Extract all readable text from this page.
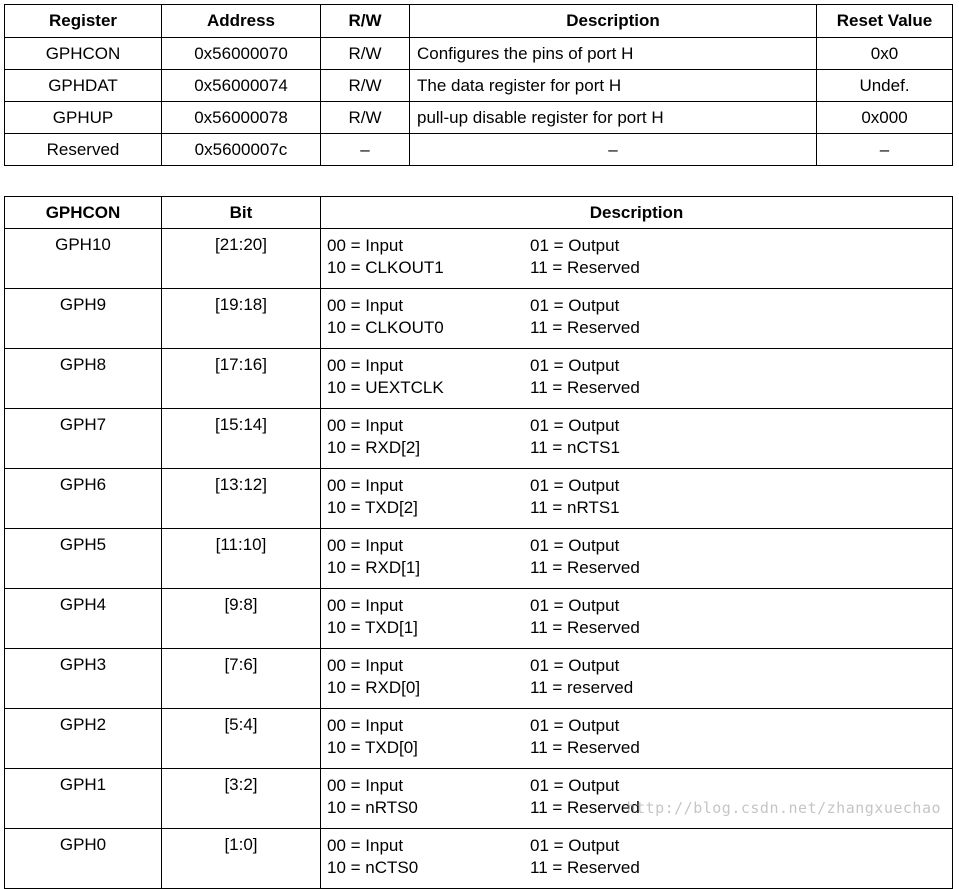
Register	Address	R/W	Description	Reset Value
GPHCON	0x56000070	R/W	Configures the pins of port H	0x0
GPHDAT	0x56000074	R/W	The data register for port H	Undef.
GPHUP	0x56000078	R/W	pull-up disable register for port H	0x000
Reserved	0x5600007c	–	–	–
GPHCON	Bit	Description
GPH10	[21:20]	00 = Input 01 = Output
10 = CLKOUT1 11 = Reserved

GPH9	[19:18]	00 = Input 01 = Output
10 = CLKOUT0 11 = Reserved

GPH8	[17:16]	00 = Input 01 = Output
10 = UEXTCLK 11 = Reserved

GPH7	[15:14]	00 = Input 01 = Output
10 = RXD[2] 11 = nCTS1

GPH6	[13:12]	00 = Input 01 = Output
10 = TXD[2] 11 = nRTS1

GPH5	[11:10]	00 = Input 01 = Output
10 = RXD[1] 11 = Reserved

GPH4	[9:8]	00 = Input 01 = Output
10 = TXD[1] 11 = Reserved

GPH3	[7:6]	00 = Input 01 = Output
10 = RXD[0] 11 = reserved

GPH2	[5:4]	00 = Input 01 = Output
10 = TXD[0] 11 = Reserved

GPH1	[3:2]	00 = Input 01 = Output
10 = nRTS0 11 = Reserved

GPH0	[1:0]	00 = Input 01 = Output
10 = nCTS0 11 = Reserved
http://blog.csdn.net/zhangxuechao
